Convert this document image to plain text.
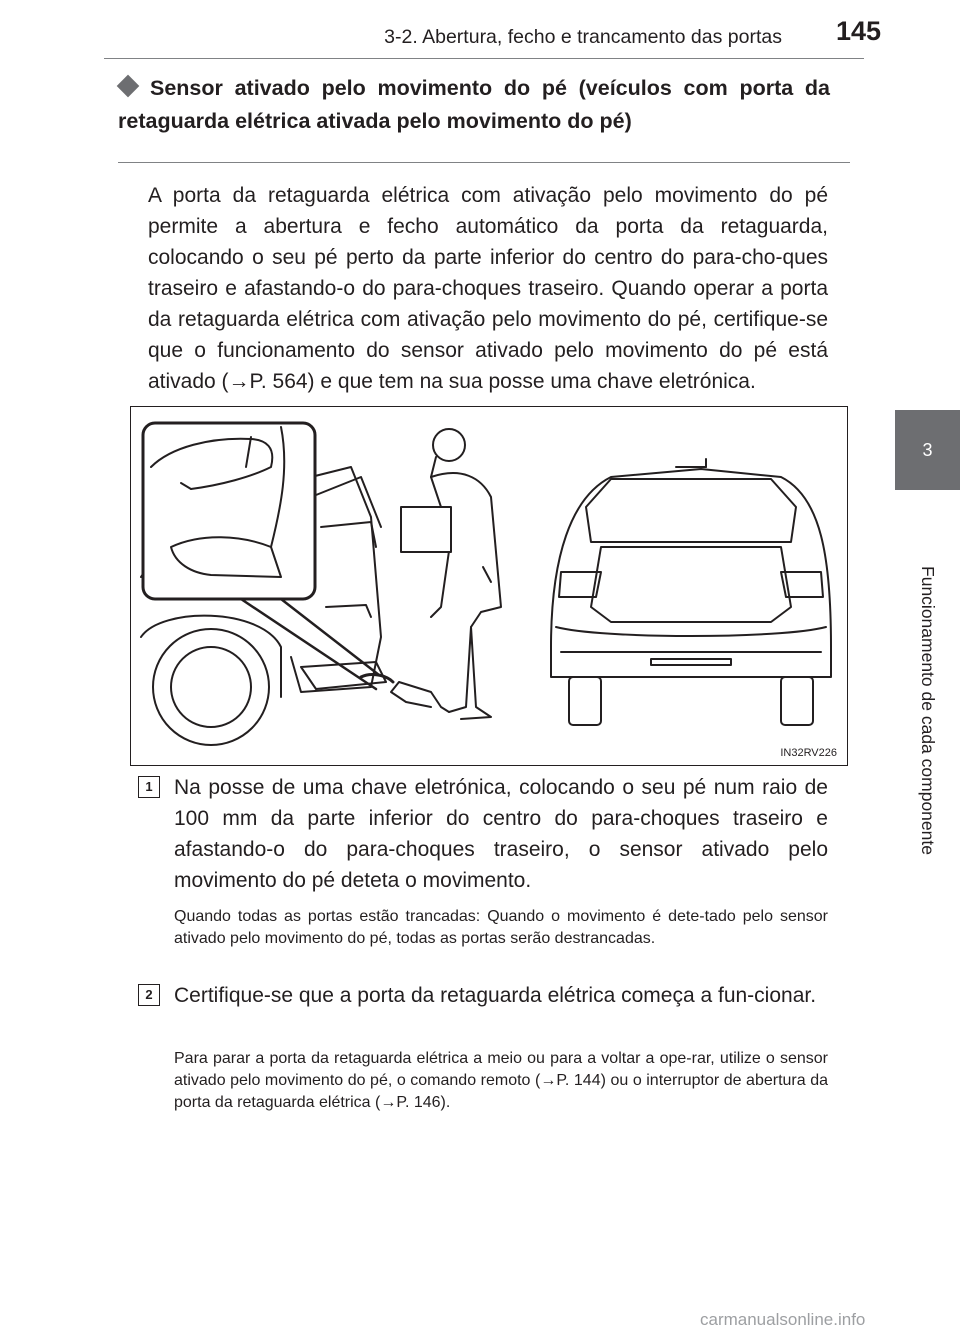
3-2. Abertura, fecho e trancamento das portas 145
3
Funcionamento de cada componente
Sensor ativado pelo movimento do pé (veículos com porta da retaguarda elétrica ativada pelo movimento do pé)
A porta da retaguarda elétrica com ativação pelo movimento do pé permite a abertura e fecho automático da porta da retaguarda, colocando o seu pé perto da parte inferior do centro do para-cho-ques traseiro e afastando-o do para-choques traseiro. Quando operar a porta da retaguarda elétrica com ativação pelo movimento do pé, certifique-se que o funcionamento do sensor ativado pelo movimento do pé está ativado (→P. 564) e que tem na sua posse uma chave eletrónica.
IN32RV226
1	Na posse de uma chave eletrónica, colocando o seu pé num raio de 100 mm da parte inferior do centro do para-choques traseiro e afastando-o do para-choques traseiro, o sensor ativado pelo movimento do pé deteta o movimento.
Quando todas as portas estão trancadas: Quando o movimento é dete-tado pelo sensor ativado pelo movimento do pé, todas as portas serão destrancadas.
2	Certifique-se que a porta da retaguarda elétrica começa a fun-cionar.
Para parar a porta da retaguarda elétrica a meio ou para a voltar a ope-rar, utilize o sensor ativado pelo movimento do pé, o comando remoto (→P. 144) ou o interruptor de abertura da porta da retaguarda elétrica (→P. 146).
carmanualsonline.info
